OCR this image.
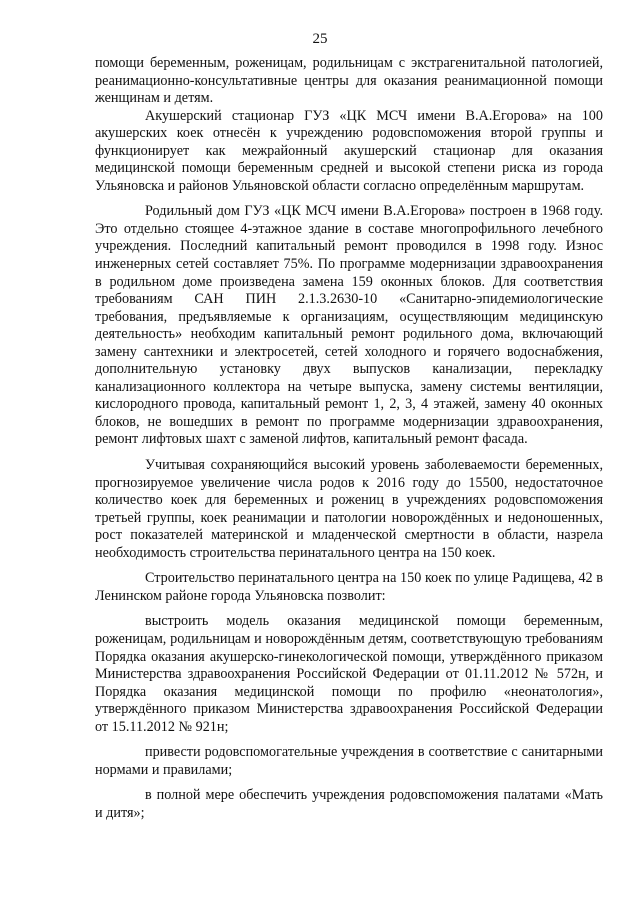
25

помощи беременным, роженицам, родильницам с экстрагенитальной патологией, реанимационно-консультативные центры для оказания реанимационной помощи женщинам и детям.

Акушерский стационар ГУЗ «ЦК МСЧ имени В.А.Егорова» на 100 акушерских коек отнесён к учреждению родовспоможения второй группы и функционирует как межрайонный акушерский стационар для оказания медицинской помощи беременным средней и высокой степени риска из города Ульяновска и районов Ульяновской области согласно определённым маршрутам.

Родильный дом ГУЗ «ЦК МСЧ имени В.А.Егорова» построен в 1968 году. Это отдельно стоящее 4-этажное здание в составе многопрофильного лечебного учреждения. Последний капитальный ремонт проводился в 1998 году. Износ инженерных сетей составляет 75%. По программе модернизации здравоохранения в родильном доме произведена замена 159 оконных блоков. Для соответствия требованиям САН ПИН 2.1.3.2630-10 «Санитарно-эпидемиологические требования, предъявляемые к организациям, осуществляющим медицинскую деятельность» необходим капитальный ремонт родильного дома, включающий замену сантехники и электросетей, сетей холодного и горячего водоснабжения, дополнительную установку двух выпусков канализации, перекладку канализационного коллектора на четыре выпуска, замену системы вентиляции, кислородного провода, капитальный ремонт 1, 2, 3, 4 этажей, замену 40 оконных блоков, не вошедших в ремонт по программе модернизации здравоохранения, ремонт лифтовых шахт с заменой лифтов, капитальный ремонт фасада.

Учитывая сохраняющийся высокий уровень заболеваемости беременных, прогнозируемое увеличение числа родов к 2016 году до 15500, недостаточное количество коек для беременных и рожениц в учреждениях родовспоможения третьей группы, коек реанимации и патологии новорождённых и недоношенных, рост показателей материнской и младенческой смертности в области, назрела необходимость строительства перинатального центра на 150 коек.

Строительство перинатального центра на 150 коек по улице Радищева, 42 в Ленинском районе города Ульяновска позволит:

выстроить модель оказания медицинской помощи беременным, роженицам, родильницам и новорождённым детям, соответствующую требованиям Порядка оказания акушерско-гинекологической помощи, утверждённого приказом Министерства здравоохранения Российской Федерации от 01.11.2012 № 572н, и Порядка оказания медицинской помощи по профилю «неонатология», утверждённого приказом Министерства здравоохранения Российской Федерации от 15.11.2012 № 921н;

привести родовспомогательные учреждения в соответствие с санитарными нормами и правилами;

в полной мере обеспечить учреждения родовспоможения палатами «Мать и дитя»;
